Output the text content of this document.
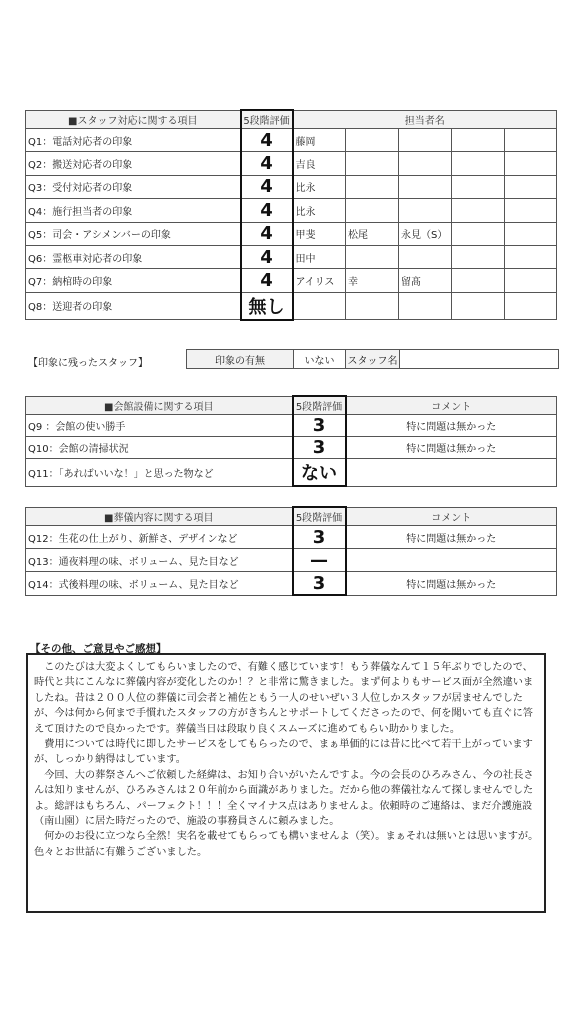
■スタッフ対応に関する項目	5段階評価	担当者名				
Q1：電話対応者の印象	4	藤岡				
Q2：搬送対応者の印象	4	吉良				
Q3：受付対応者の印象	4	比永				
Q4：施行担当者の印象	4	比永				
Q5：司会・アシメンバーの印象	4	甲斐	松尾	永見（S）		
Q6：霊柩車対応者の印象	4	田中				
Q7：納棺時の印象	4	アイリス	幸	留髙		
Q8：送迎者の印象	無し					
【印象に残ったスタッフ】	印象の有無	いない	スタッフ名	
■会館設備に関する項目	5段階評価	コメント
Q9 ：会館の使い勝手	3	特に問題は無かった
Q10：会館の清掃状況	3	特に問題は無かった
Q11：「あればいいな！」と思った物など	ない	
■葬儀内容に関する項目	5段階評価	コメント
Q12：生花の仕上がり、新鮮さ、デザインなど	3	特に問題は無かった
Q13：通夜料理の味、ボリューム、見た目など	—	
Q14：式後料理の味、ボリューム、見た目など	3	特に問題は無かった
【その他、ご意見やご感想】

このたびは大変よくしてもらいましたので、有難く感じています！もう葬儀なんて１５年ぶりでしたので、時代と共にこんなに葬儀内容が変化したのか！？と非常に驚きました。まず何よりもサービス面が全然違いましたね。昔は２００人位の葬儀に司会者と補佐ともう一人のせいぜい３人位しかスタッフが居ませんでしたが、今は何から何まで手慣れたスタッフの方がきちんとサポートしてくださったので、何を聞いても直ぐに答えて頂けたので良かったです。葬儀当日は段取り良くスムーズに進めてもらい助かりました。

費用については時代に即したサービスをしてもらったので、まぁ単価的には昔に比べて若干上がっていますが、しっかり納得はしています。

今回、大の葬祭さんへご依頼した経緯は、お知り合いがいたんですよ。今の会長のひろみさん、今の社長さんは知りませんが、ひろみさんは２０年前から面識がありました。だから他の葬儀社なんて探しませんでしたよ。総評はもちろん、パーフェクト！！！全くマイナス点はありませんよ。依頼時のご連絡は、まだ介護施設（南山園）に居た時だったので、施設の事務員さんに頼みました。

何かのお役に立つなら全然！実名を載せてもらっても構いませんよ（笑）。まぁそれは無いとは思いますが。色々とお世話に有難うございました。
